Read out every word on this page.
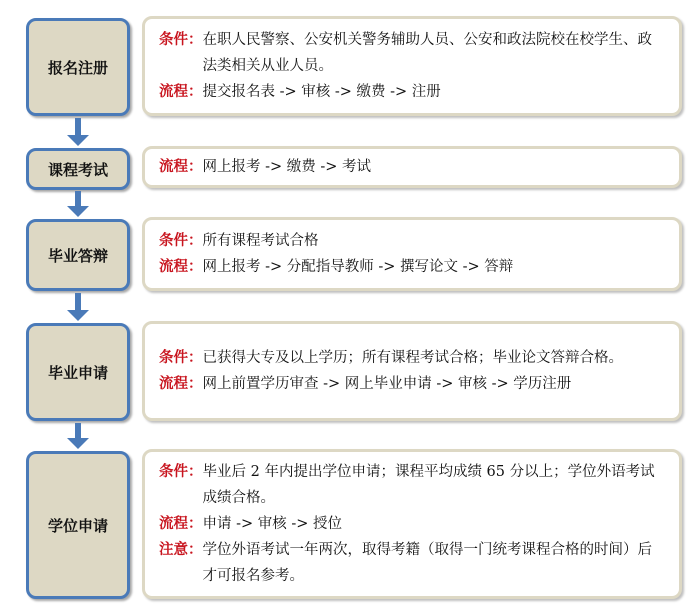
报名注册
条件： 在职人民警察、公安机关警务辅助人员、公安和政法院校在校学生、政法类相关从业人员。
流程： 提交报名表 -> 审核 -> 缴费 -> 注册
课程考试	流程： 网上报考 -> 缴费 -> 考试
毕业答辩
条件： 所有课程考试合格
流程： 网上报考 -> 分配指导教师 -> 撰写论文 -> 答辩
毕业申请
条件： 已获得大专及以上学历；所有课程考试合格；毕业论文答辩合格。
流程： 网上前置学历审查 -> 网上毕业申请 -> 审核 -> 学历注册
学位申请
条件： 毕业后 2 年内提出学位申请；课程平均成绩 65 分以上；学位外语考试成绩合格。
流程： 申请 -> 审核 -> 授位
注意： 学位外语考试一年两次，取得考籍（取得一门统考课程合格的时间）后才可报名参考。
